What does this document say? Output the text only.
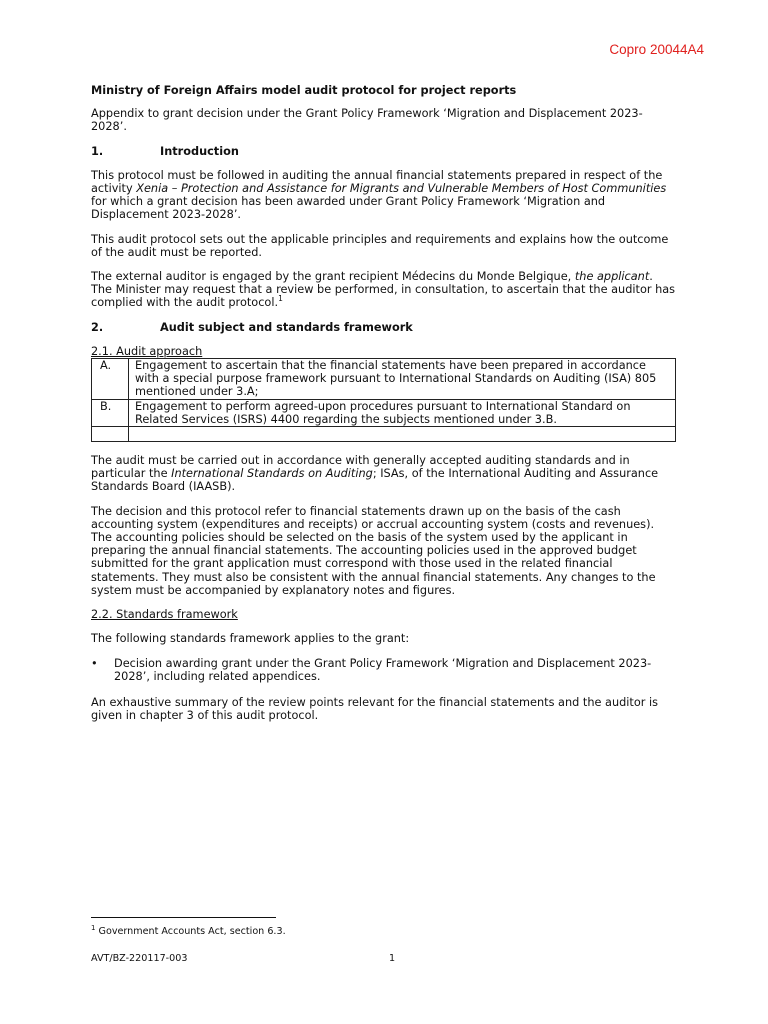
Copro 20044A4

Ministry of Foreign Affairs model audit protocol for project reports

Appendix to grant decision under the Grant Policy Framework ‘Migration and Displacement 2023-2028’.

1.	Introduction

This protocol must be followed in auditing the annual financial statements prepared in respect of the activity Xenia – Protection and Assistance for Migrants and Vulnerable Members of Host Communities for which a grant decision has been awarded under Grant Policy Framework ‘Migration and Displacement 2023-2028’.

This audit protocol sets out the applicable principles and requirements and explains how the outcome of the audit must be reported.

The external auditor is engaged by the grant recipient Médecins du Monde Belgique, the applicant. The Minister may request that a review be performed, in consultation, to ascertain that the auditor has complied with the audit protocol.$^1$

2.	Audit subject and standards framework

2.1. Audit approach

A.	Engagement to ascertain that the financial statements have been prepared in accordance with a special purpose framework pursuant to International Standards on Auditing (ISA) 805 mentioned under 3.A;
B.	Engagement to perform agreed-upon procedures pursuant to International Standard on Related Services (ISRS) 4400 regarding the subjects mentioned under 3.B.

The audit must be carried out in accordance with generally accepted auditing standards and in particular the International Standards on Auditing; ISAs, of the International Auditing and Assurance Standards Board (IAASB).

The decision and this protocol refer to financial statements drawn up on the basis of the cash accounting system (expenditures and receipts) or accrual accounting system (costs and revenues). The accounting policies should be selected on the basis of the system used by the applicant in preparing the annual financial statements. The accounting policies used in the approved budget submitted for the grant application must correspond with those used in the related financial statements. They must also be consistent with the annual financial statements. Any changes to the system must be accompanied by explanatory notes and figures.

2.2. Standards framework

The following standards framework applies to the grant:

•	Decision awarding grant under the Grant Policy Framework ‘Migration and Displacement 2023-2028’, including related appendices.

An exhaustive summary of the review points relevant for the financial statements and the auditor is given in chapter 3 of this audit protocol.

$^1$ Government Accounts Act, section 6.3.
AVT/BZ-220117-003	1
